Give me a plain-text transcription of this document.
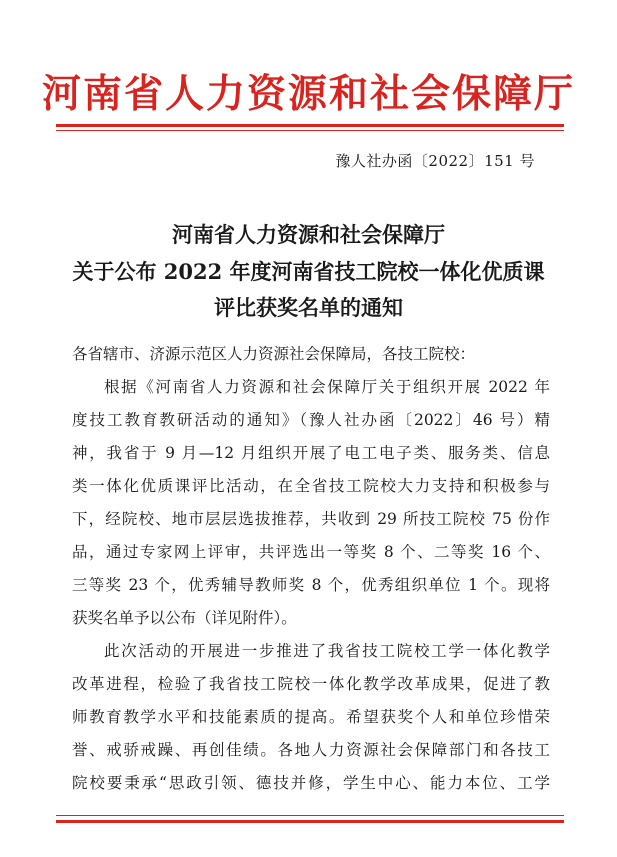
河南省人力资源和社会保障厅
豫人社办函〔2022〕151 号
河南省人力资源和社会保障厅
关于公布 2022 年度河南省技工院校一体化优质课
评比获奖名单的通知
各省辖市、济源示范区人力资源社会保障局，各技工院校：
根据《河南省人力资源和社会保障厅关于组织开展 2022 年
度技工教育教研活动的通知》（豫人社办函〔2022〕46 号）精
神，我省于 9 月—12 月组织开展了电工电子类、服务类、信息
类一体化优质课评比活动，在全省技工院校大力支持和积极参与
下，经院校、地市层层选拔推荐，共收到 29 所技工院校 75 份作
品，通过专家网上评审，共评选出一等奖 8 个、二等奖 16 个、
三等奖 23 个，优秀辅导教师奖 8 个，优秀组织单位 1 个。现将
获奖名单予以公布（详见附件）。
此次活动的开展进一步推进了我省技工院校工学一体化教学
改革进程，检验了我省技工院校一体化教学改革成果，促进了教
师教育教学水平和技能素质的提高。希望获奖个人和单位珍惜荣
誉、戒骄戒躁、再创佳绩。各地人力资源社会保障部门和各技工
院校要秉承“思政引领、德技并修，学生中心、能力本位、工学
